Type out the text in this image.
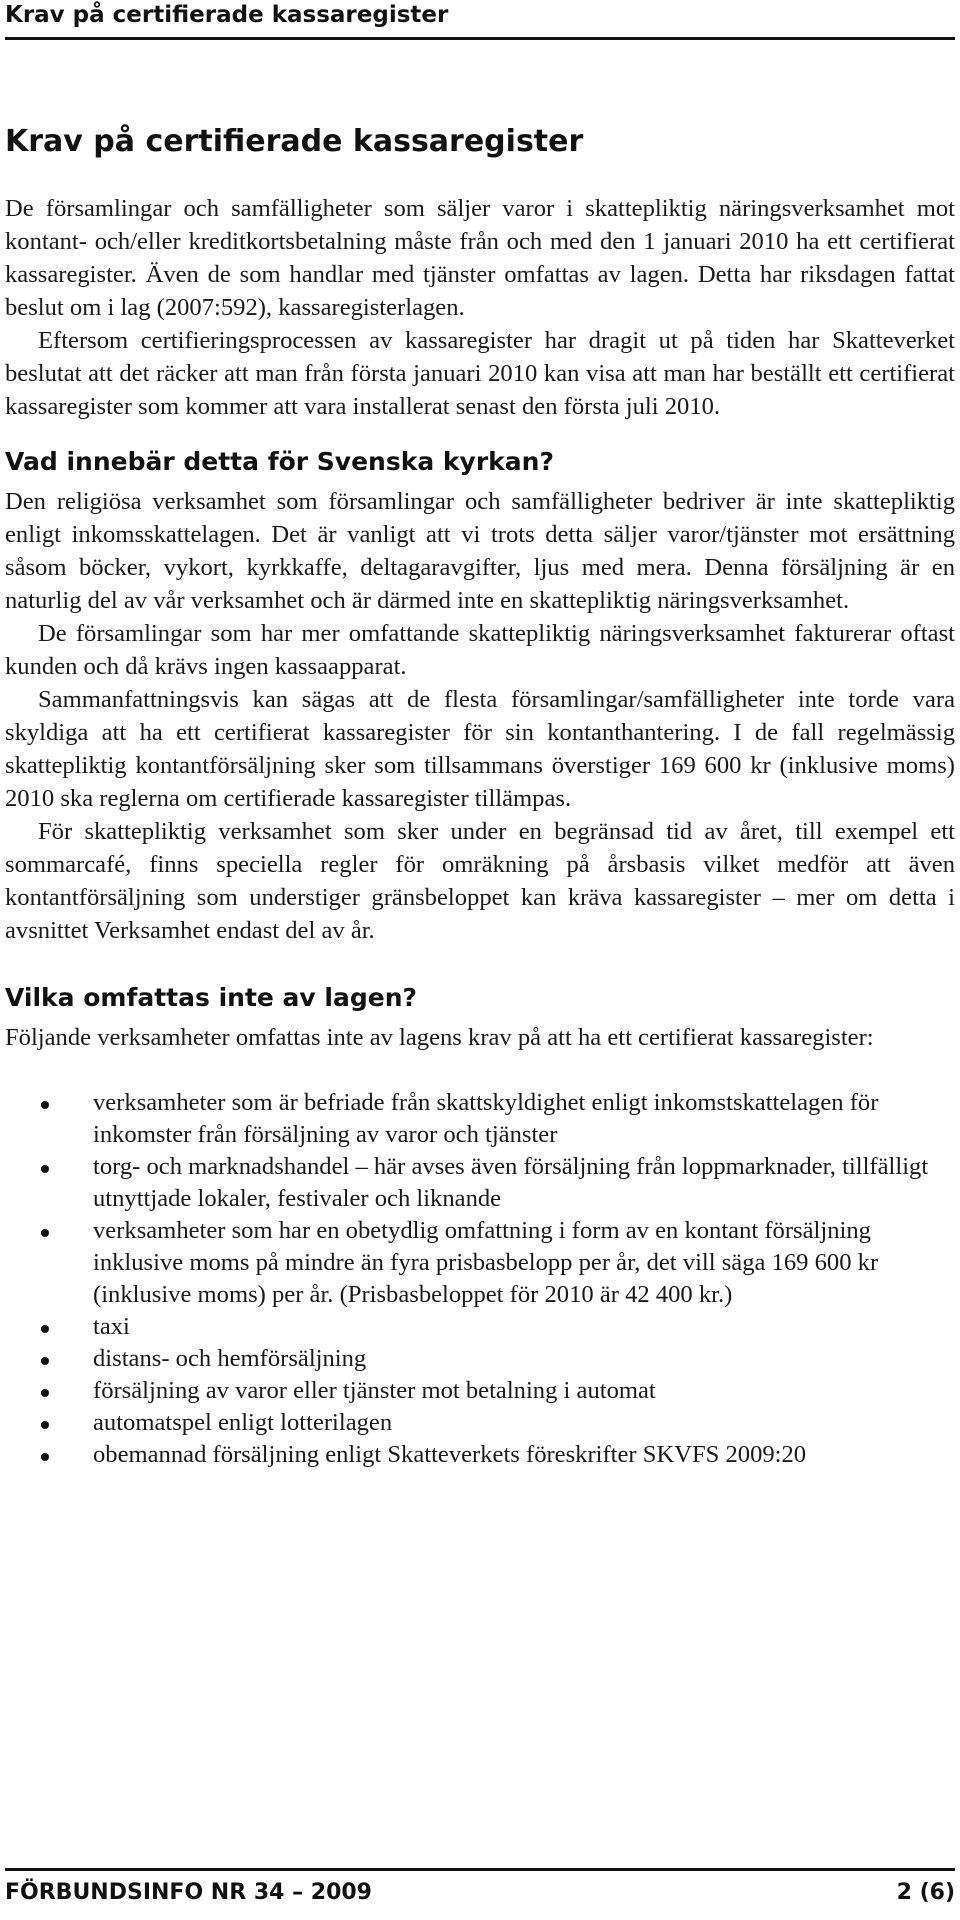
Krav på certifierade kassaregister
Krav på certifierade kassaregister

De församlingar och samfälligheter som säljer varor i skattepliktig näringsverksamhet mot kontant- och/eller kreditkortsbetalning måste från och med den 1 januari 2010 ha ett certifierat kassaregister. Även de som handlar med tjänster omfattas av lagen. Detta har riksdagen fattat beslut om i lag (2007:592), kassaregisterlagen.

Eftersom certifieringsprocessen av kassaregister har dragit ut på tiden har Skatteverket beslutat att det räcker att man från första januari 2010 kan visa att man har beställt ett certifierat kassaregister som kommer att vara installerat senast den första juli 2010.

Vad innebär detta för Svenska kyrkan?

Den religiösa verksamhet som församlingar och samfälligheter bedriver är inte skattepliktig enligt inkomsskattelagen. Det är vanligt att vi trots detta säljer varor/tjänster mot ersättning såsom böcker, vykort, kyrkkaffe, deltagaravgifter, ljus med mera. Denna försäljning är en naturlig del av vår verksamhet och är därmed inte en skattepliktig näringsverksamhet.

De församlingar som har mer omfattande skattepliktig näringsverksamhet fakturerar oftast kunden och då krävs ingen kassaapparat.

Sammanfattningsvis kan sägas att de flesta församlingar/samfälligheter inte torde vara skyldiga att ha ett certifierat kassaregister för sin kontanthantering. I de fall regelmässig skattepliktig kontantförsäljning sker som tillsammans överstiger 169 600 kr (inklusive moms) 2010 ska reglerna om certifierade kassaregister tillämpas.

För skattepliktig verksamhet som sker under en begränsad tid av året, till exempel ett sommarcafé, finns speciella regler för omräkning på årsbasis vilket medför att även kontantförsäljning som understiger gränsbeloppet kan kräva kassaregister – mer om detta i avsnittet Verksamhet endast del av år.

Vilka omfattas inte av lagen?

Följande verksamheter omfattas inte av lagens krav på att ha ett certifierat kassaregister:

verksamheter som är befriade från skattskyldighet enligt inkomstskattelagen för inkomster från försäljning av varor och tjänster
torg- och marknadshandel – här avses även försäljning från loppmarknader, tillfälligt utnyttjade lokaler, festivaler och liknande
verksamheter som har en obetydlig omfattning i form av en kontant försäljning inklusive moms på mindre än fyra prisbasbelopp per år, det vill säga 169 600 kr (inklusive moms) per år. (Prisbasbeloppet för 2010 är 42 400 kr.)
taxi
distans- och hemförsäljning
försäljning av varor eller tjänster mot betalning i automat
automatspel enligt lotterilagen
obemannad försäljning enligt Skatteverkets föreskrifter SKVFS 2009:20
FÖRBUNDSINFO NR 34 – 2009	2 (6)
